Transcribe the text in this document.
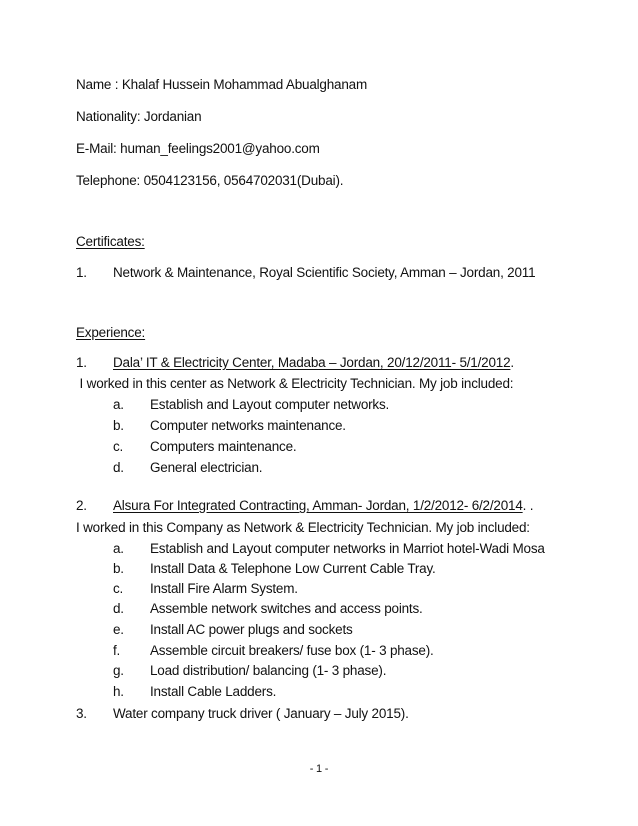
Name : Khalaf Hussein Mohammad Abualghanam
Nationality: Jordanian
E-Mail: human_feelings2001@yahoo.com
Telephone: 0504123156, 0564702031(Dubai).
Certificates:
1. Network & Maintenance, Royal Scientific Society, Amman – Jordan, 2011
Experience:
1. Dala’ IT & Electricity Center, Madaba – Jordan, 20/12/2011- 5/1/2012.
I worked in this center as Network & Electricity Technician. My job included:
a. Establish and Layout computer networks.
b. Computer networks maintenance.
c. Computers maintenance.
d. General electrician.
2. Alsura For Integrated Contracting, Amman- Jordan, 1/2/2012- 6/2/2014. .
I worked in this Company as Network & Electricity Technician. My job included:
a. Establish and Layout computer networks in Marriot hotel-Wadi Mosa
b. Install Data & Telephone Low Current Cable Tray.
c. Install Fire Alarm System.
d. Assemble network switches and access points.
e. Install AC power plugs and sockets
f. Assemble circuit breakers/ fuse box (1- 3 phase).
g. Load distribution/ balancing (1- 3 phase).
h. Install Cable Ladders.
3. Water company truck driver ( January – July 2015).
- 1 -
